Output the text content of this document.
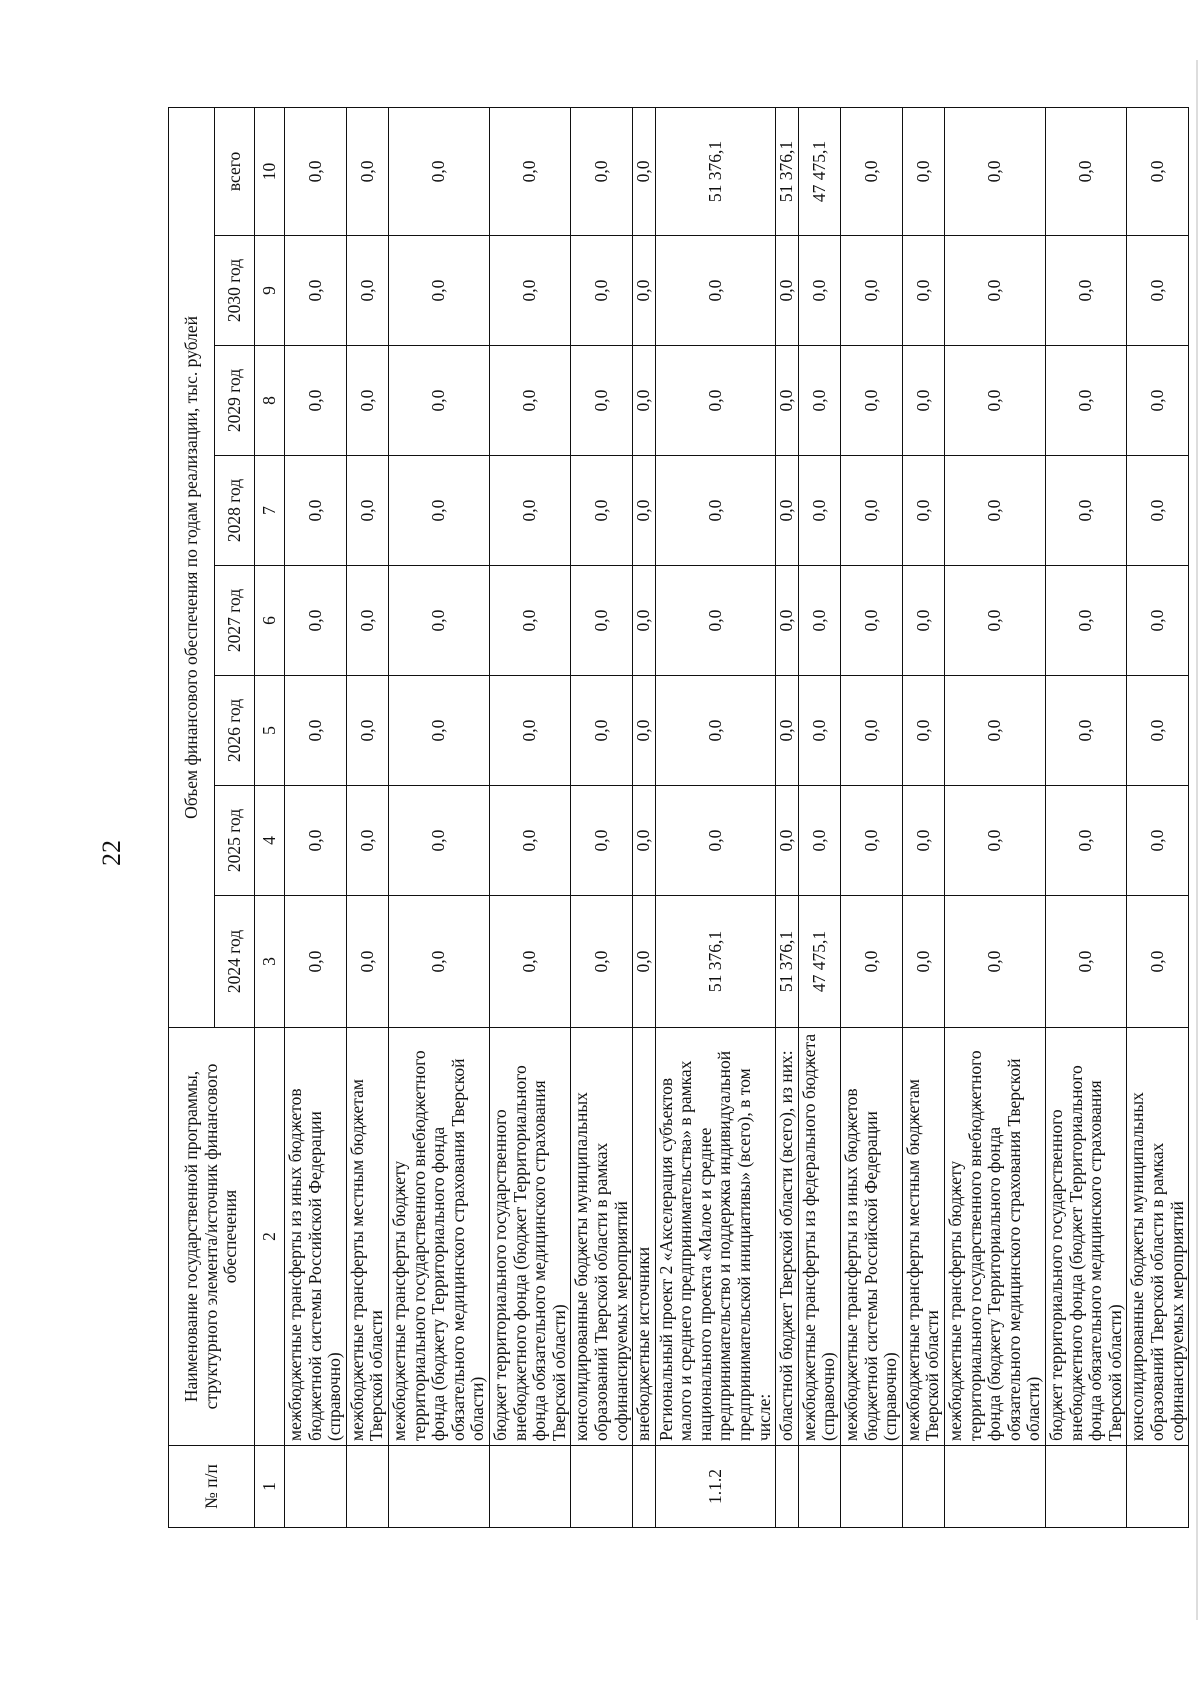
22
№ п/п	Наименование государственной программы, структурного элемента/источник финансового обеспечения	Объем финансового обеспечения по годам реализации, тыс. рублей							
		2024 год	2025 год	2026 год	2027 год	2028 год	2029 год	2030 год	всего
1	2	3	4	5	6	7	8	9	10
	межбюджетные трансферты из иных бюджетов бюджетной системы Российской Федерации (справочно)	0,0	0,0	0,0	0,0	0,0	0,0	0,0	0,0
	межбюджетные трансферты местным бюджетам Тверской области	0,0	0,0	0,0	0,0	0,0	0,0	0,0	0,0
	межбюджетные трансферты бюджету территориального государственного внебюджетного фонда (бюджету Территориального фонда обязательного медицинского страхования Тверской области)	0,0	0,0	0,0	0,0	0,0	0,0	0,0	0,0
	бюджет территориального государственного внебюджетного фонда (бюджет Территориального фонда обязательного медицинского страхования Тверской области)	0,0	0,0	0,0	0,0	0,0	0,0	0,0	0,0
	консолидированные бюджеты муниципальных образований Тверской области в рамках софинансируемых мероприятий	0,0	0,0	0,0	0,0	0,0	0,0	0,0	0,0
	внебюджетные источники	0,0	0,0	0,0	0,0	0,0	0,0	0,0	0,0
1.1.2	Региональный проект 2 «Акселерация субъектов малого и среднего предпринимательства» в рамках национального проекта «Малое и среднее предпринимательство и поддержка индивидуальной предпринимательской инициативы» (всего), в том числе:	51 376,1	0,0	0,0	0,0	0,0	0,0	0,0	51 376,1
	областной бюджет Тверской области (всего), из них:	51 376,1	0,0	0,0	0,0	0,0	0,0	0,0	51 376,1
	межбюджетные трансферты из федерального бюджета (справочно)	47 475,1	0,0	0,0	0,0	0,0	0,0	0,0	47 475,1
	межбюджетные трансферты из иных бюджетов бюджетной системы Российской Федерации (справочно)	0,0	0,0	0,0	0,0	0,0	0,0	0,0	0,0
	межбюджетные трансферты местным бюджетам Тверской области	0,0	0,0	0,0	0,0	0,0	0,0	0,0	0,0
	межбюджетные трансферты бюджету территориального государственного внебюджетного фонда (бюджету Территориального фонда обязательного медицинского страхования Тверской области)	0,0	0,0	0,0	0,0	0,0	0,0	0,0	0,0
	бюджет территориального государственного внебюджетного фонда (бюджет Территориального фонда обязательного медицинского страхования Тверской области)	0,0	0,0	0,0	0,0	0,0	0,0	0,0	0,0
	консолидированные бюджеты муниципальных образований Тверской области в рамках софинансируемых мероприятий	0,0	0,0	0,0	0,0	0,0	0,0	0,0	0,0
